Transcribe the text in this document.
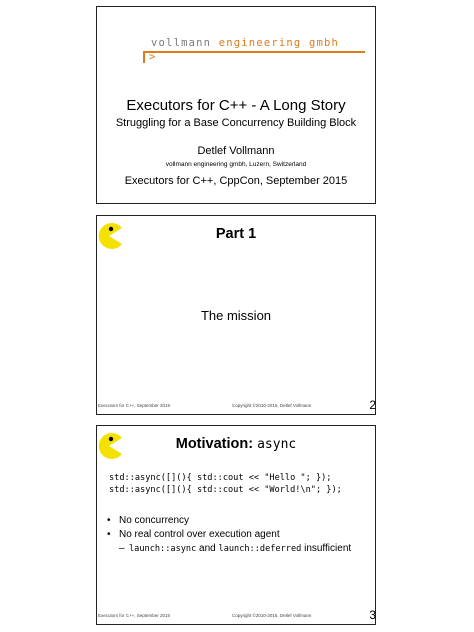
vollmann engineering gmbh
>
Executors for C++ - A Long Story
Struggling for a Base Concurrency Building Block
Detlef Vollmann
vollmann engineering gmbh, Luzern, Switzerland
Executors for C++, CppCon, September 2015
Part 1
The mission
Executors for C++, September 2015	Copyright ©2010-2015, Detlef Vollmann	2
Motivation: async
std::async([](){ std::cout << "Hello "; });
std::async([](){ std::cout << "World!\n"; });
• No concurrency
• No real control over execution agent
– launch::async and launch::deferred insufficient
Executors for C++, September 2015	Copyright ©2010-2015, Detlef Vollmann	3
